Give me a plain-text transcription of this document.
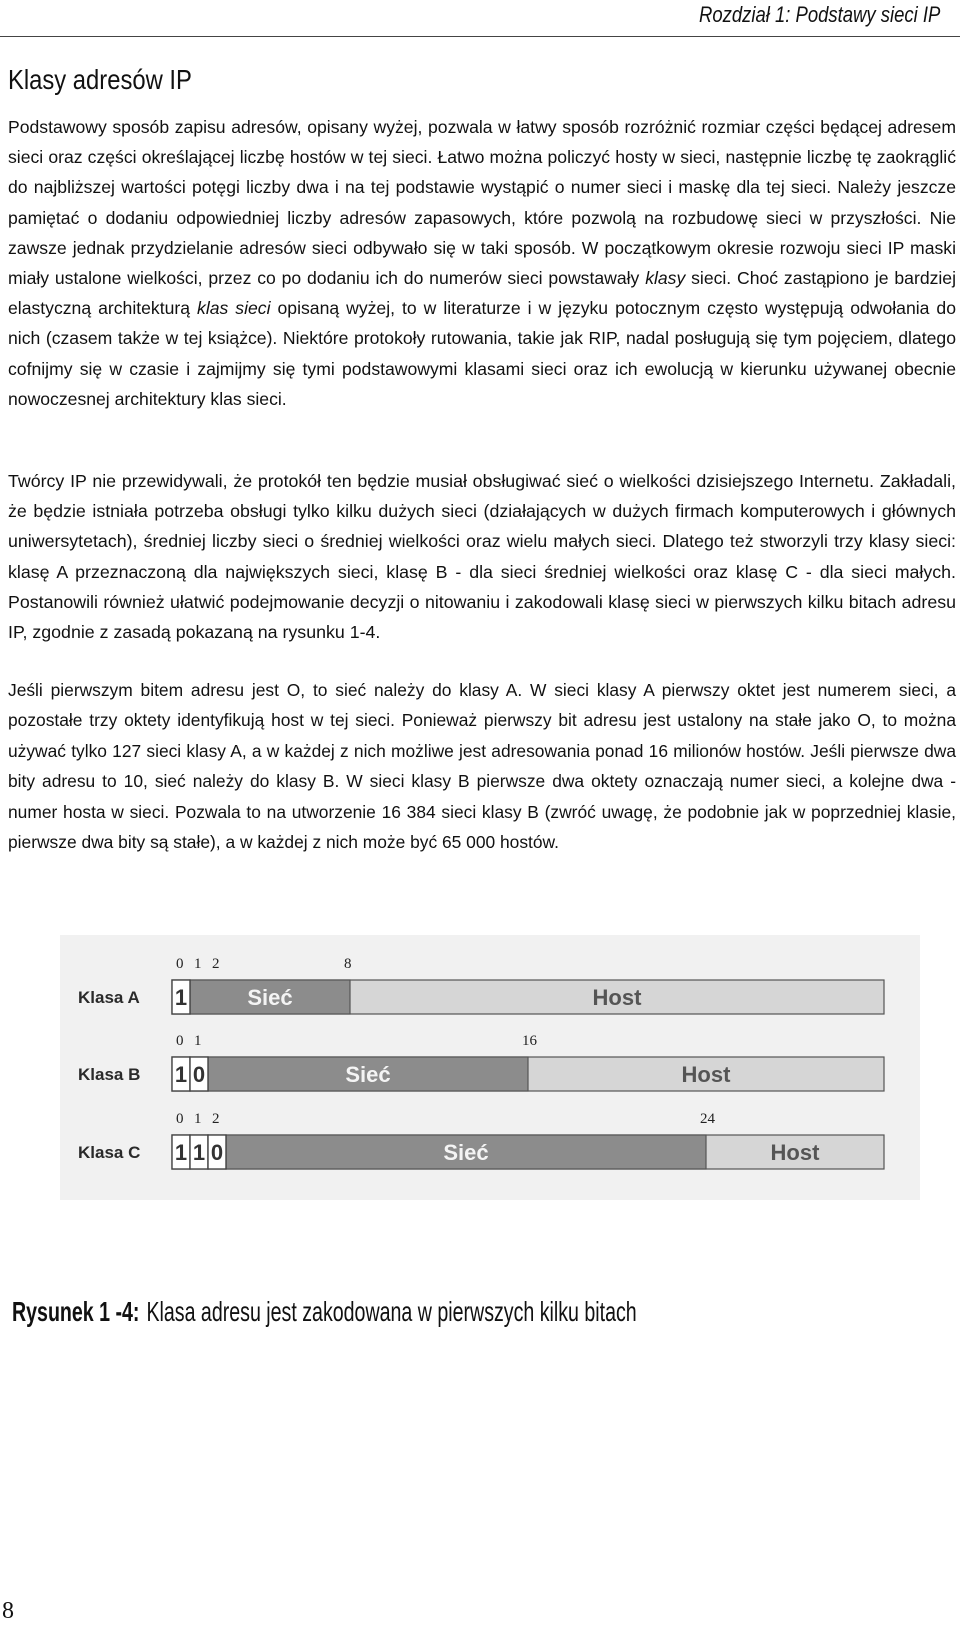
Rozdział 1: Podstawy sieci IP
Klasy adresów IP

Podstawowy sposób zapisu adresów, opisany wyżej, pozwala w łatwy sposób rozróżnić rozmiar części będącej adresem sieci oraz części określającej liczbę hostów w tej sieci. Łatwo można policzyć hosty w sieci, następnie liczbę tę zaokrąglić do najbliższej wartości potęgi liczby dwa i na tej podstawie wystąpić o numer sieci i maskę dla tej sieci. Należy jeszcze pamiętać o dodaniu odpowiedniej liczby adresów zapasowych, które pozwolą na rozbudowę sieci w przyszłości. Nie zawsze jednak przydzielanie adresów sieci odbywało się w taki sposób. W początkowym okresie rozwoju sieci IP maski miały ustalone wielkości, przez co po dodaniu ich do numerów sieci powstawały klasy sieci. Choć zastąpiono je bardziej elastyczną architekturą klas sieci opisaną wyżej, to w literaturze i w języku potocznym często występują odwołania do nich (czasem także w tej książce). Niektóre protokoły rutowania, takie jak RIP, nadal posługują się tym pojęciem, dlatego cofnijmy się w czasie i zajmijmy się tymi podstawowymi klasami sieci oraz ich ewolucją w kierunku używanej obecnie nowoczesnej architektury klas sieci.

Twórcy IP nie przewidywali, że protokół ten będzie musiał obsługiwać sieć o wielkości dzisiejszego Internetu. Zakładali, że będzie istniała potrzeba obsługi tylko kilku dużych sieci (działających w dużych firmach komputerowych i głównych uniwersytetach), średniej liczby sieci o średniej wielkości oraz wielu małych sieci. Dlatego też stworzyli trzy klasy sieci: klasę A przeznaczoną dla największych sieci, klasę B - dla sieci średniej wielkości oraz klasę C - dla sieci małych. Postanowili również ułatwić podejmowanie decyzji o nitowaniu i zakodowali klasę sieci w pierwszych kilku bitach adresu IP, zgodnie z zasadą pokazaną na rysunku 1-4.

Jeśli pierwszym bitem adresu jest O, to sieć należy do klasy A. W sieci klasy A pierwszy oktet jest numerem sieci, a pozostałe trzy oktety identyfikują host w tej sieci. Ponieważ pierwszy bit adresu jest ustalony na stałe jako O, to można używać tylko 127 sieci klasy A, a w każdej z nich możliwe jest adresowania ponad 16 milionów hostów. Jeśli pierwsze dwa bity adresu to 10, sieć należy do klasy B. W sieci klasy B pierwsze dwa oktety oznaczają numer sieci, a kolejne dwa - numer hosta w sieci. Pozwala to na utworzenie 16 384 sieci klasy B (zwróć uwagę, że podobnie jak w poprzedniej klasie, pierwsze dwa bity są stałe), a w każdej z nich może być 65 000 hostów.

0 1 2	8
Klasa A 1	Sieć	Host
0 1	16
Klasa B 1 0	Sieć	Host
0 1 2	24
Klasa C 1 1 0	Sieć	Host
Rysunek 1 -4: Klasa adresu jest zakodowana w pierwszych kilku bitach
8
